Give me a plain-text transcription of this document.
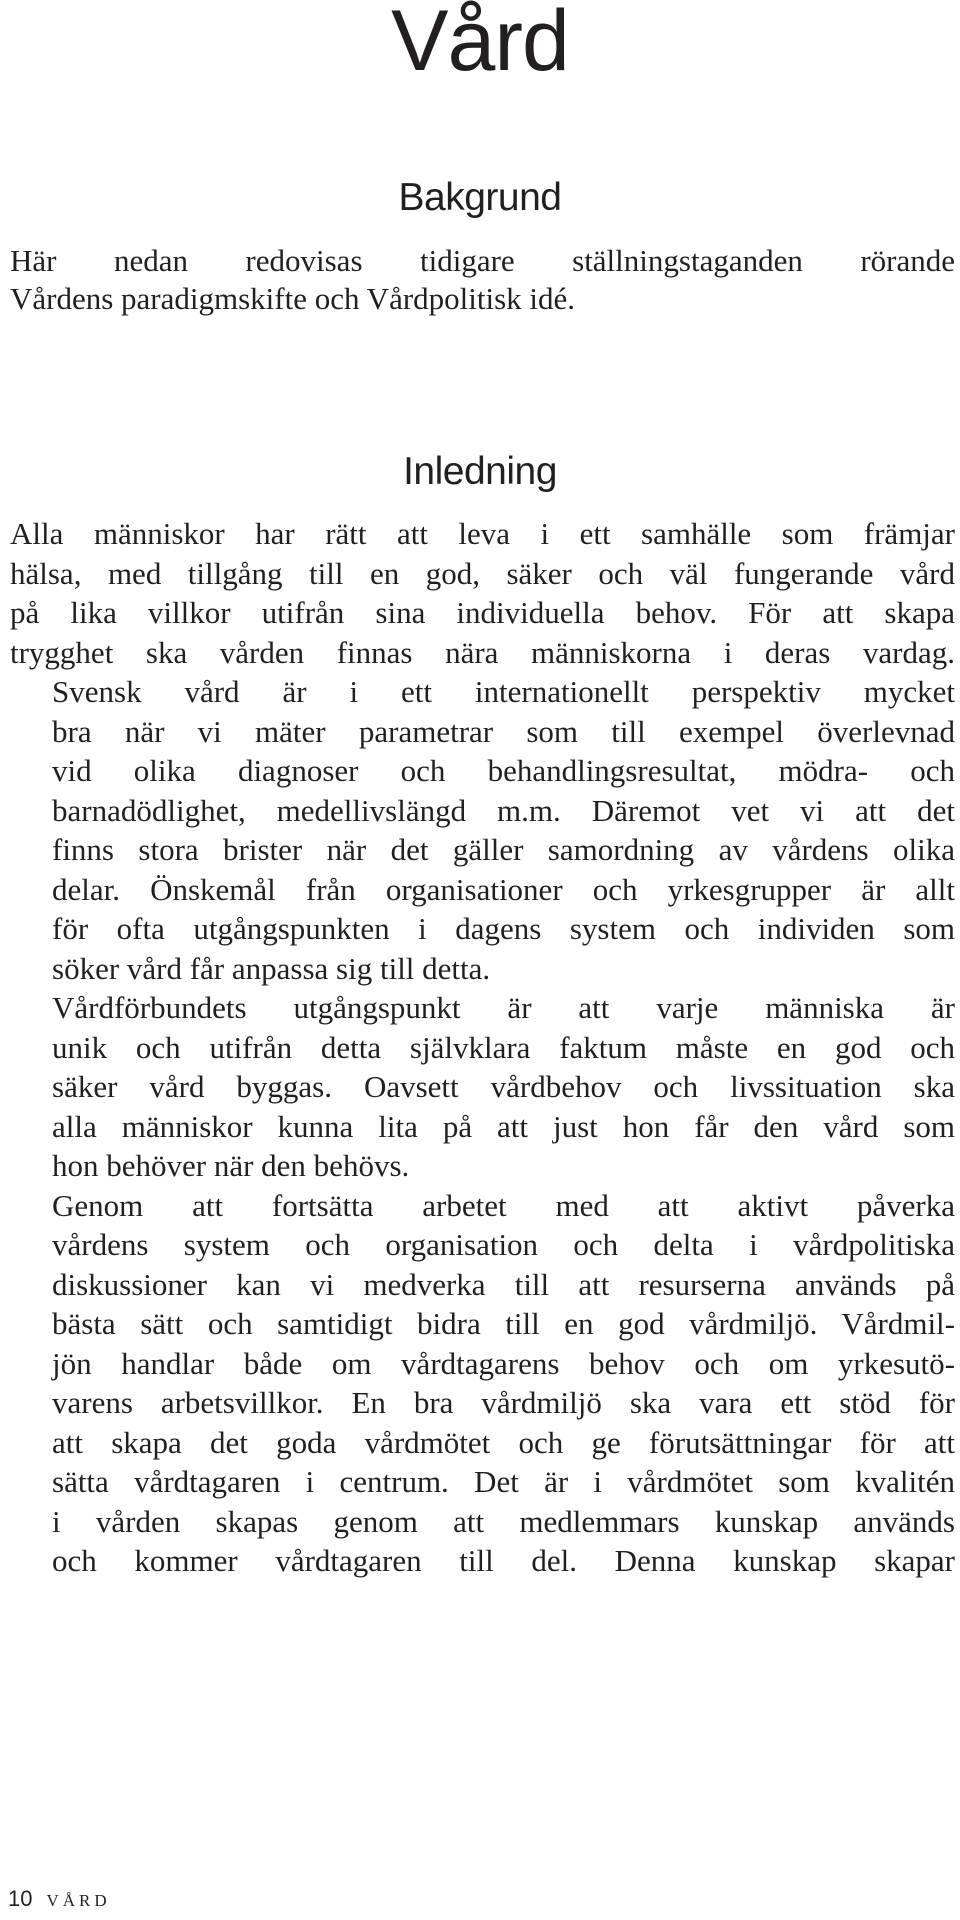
Vård
Bakgrund

Här nedan redovisas tidigare ställningstaganden rörande
Vårdens paradigmskifte och Vårdpolitisk idé.

Inledning

Alla människor har rätt att leva i ett samhälle som främjar
hälsa, med tillgång till en god, säker och väl fungerande vård
på lika villkor utifrån sina individuella behov. För att skapa
trygghet ska vården finnas nära människorna i deras vardag.

Svensk vård är i ett internationellt perspektiv mycket
bra när vi mäter parametrar som till exempel överlevnad
vid olika diagnoser och behandlingsresultat, mödra- och
barnadödlighet, medellivslängd m.m. Däremot vet vi att det
finns stora brister när det gäller samordning av vårdens olika
delar. Önskemål från organisationer och yrkesgrupper är allt
för ofta utgångspunkten i dagens system och individen som
söker vård får anpassa sig till detta.

Vårdförbundets utgångspunkt är att varje människa är
unik och utifrån detta självklara faktum måste en god och
säker vård byggas. Oavsett vårdbehov och livssituation ska
alla människor kunna lita på att just hon får den vård som
hon behöver när den behövs.

Genom att fortsätta arbetet med att aktivt påverka
vårdens system och organisation och delta i vårdpolitiska
diskussioner kan vi medverka till att resurserna används på
bästa sätt och samtidigt bidra till en god vårdmiljö. Vårdmil-
jön handlar både om vårdtagarens behov och om yrkesutö-
varens arbetsvillkor. En bra vårdmiljö ska vara ett stöd för
att skapa det goda vårdmötet och ge förutsättningar för att
sätta vårdtagaren i centrum. Det är i vårdmötet som kvalitén
i vården skapas genom att medlemmars kunskap används
och kommer vårdtagaren till del. Denna kunskap skapar

10 VÅRD
